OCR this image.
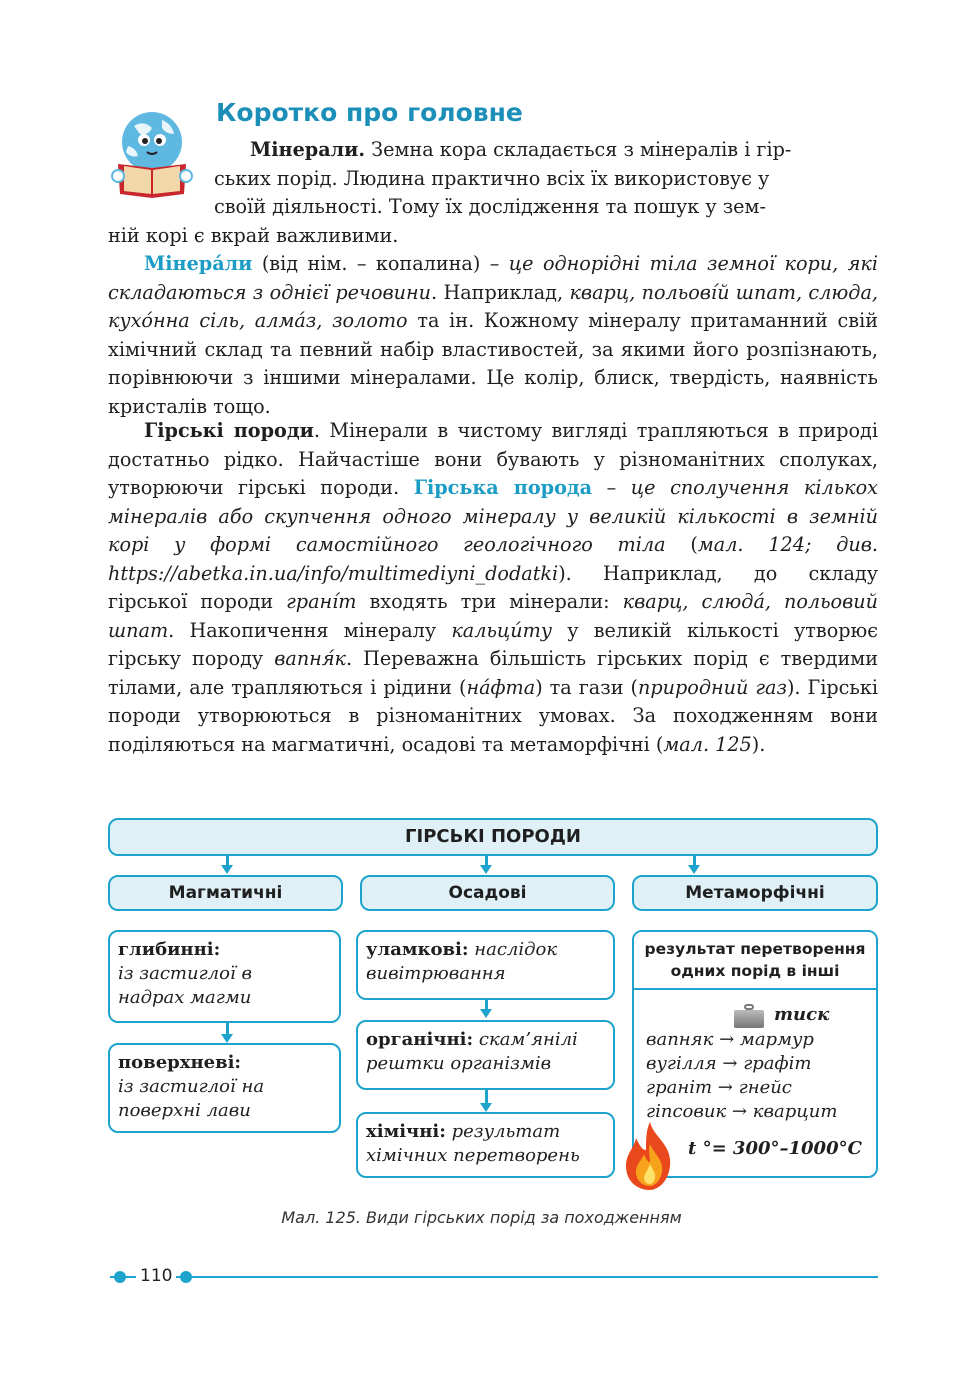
Коротко про головне

Мінерали. Земна кора складається з мінералів і гір-

ських порід. Людина практично всіх їх використовує у

своїй діяльності. Тому їх дослідження та пошук у зем-

ній корі є вкрай важливими.

Мінера́ли (від нім. – копалина) – це однорідні тіла земної кори, які складаються з однієї речовини. Наприклад, кварц, польові́й шпат, слюда, кухо́нна сіль, алма́з, золото та ін. Кожному мінералу притаманний свій хімічний склад та певний набір властивостей, за якими його розпізнають, порівнюючи з іншими мінералами. Це колір, блиск, твердість, наявність кристалів тощо.

Гірські породи. Мінерали в чистому вигляді трапляються в природі достатньо рідко. Найчастіше вони бувають у різноманітних сполуках, утворюючи гірські породи. Гірська порода – це сполучення кількох мінералів або скупчення одного мінералу у великій кількості в земній корі у формі самостійного геологічного тіла (мал. 124; див. https://abetka.in.ua/info/multimediyni_dodatki). Наприклад, до складу гірської породи грані́т входять три мінерали: кварц, слюда́, польовий шпат. Накопичення мінералу кальци́ту у великій кількості утворює гірську породу вапня́к. Переважна більшість гірських порід є твердими тілами, але трапляються і рідини (на́фта) та гази (природний газ). Гірські породи утворюються в різноманітних умовах. За походженням вони поділяються на магматичні, осадові та метаморфічні (мал. 125).

ГІРСЬКІ ПОРОДИ
Магматичні	Осадові	Метаморфічні
глибинні:
із застиглої в
надрах магми
поверхневі:
із застиглої на
поверхні лави
уламкові: наслідок
вивітрювання
органічні: скам’янілі
рештки організмів
хімічні: результат
хімічних перетворень
результат перетворення
одних порід в інші
тиск
вапняк → мармур
вугілля → графіт
граніт → гнейс
гіпсовик → кварцит
t °= 300°–1000°C
Мал. 125. Види гірських порід за походженням
110
